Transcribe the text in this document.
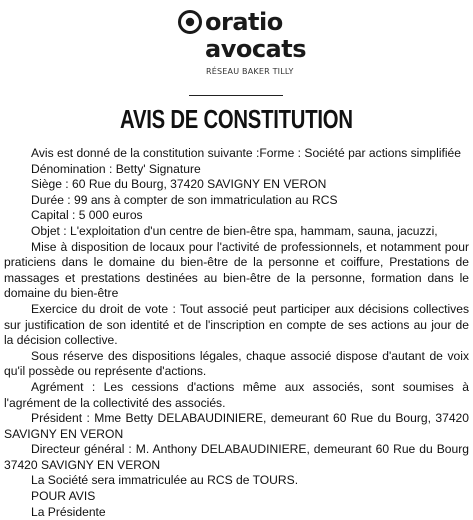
oratio
avocats
RÉSEAU BAKER TILLY
AVIS DE CONSTITUTION

Avis est donné de la constitution suivante :Forme : Société par actions simplifiée

Dénomination : Betty' Signature

Siège : 60 Rue du Bourg, 37420 SAVIGNY EN VERON

Durée : 99 ans à compter de son immatriculation au RCS

Capital : 5 000 euros

Objet : L'exploitation d'un centre de bien-être spa, hammam, sauna, jacuzzi,

Mise à disposition de locaux pour l'activité de professionnels, et notamment pour praticiens dans le domaine du bien-être de la personne et coiffure, Prestations de massages et prestations destinées au bien-être de la personne, formation dans le domaine du bien-être

Exercice du droit de vote : Tout associé peut participer aux décisions collectives sur justification de son identité et de l'inscription en compte de ses actions au jour de la décision collective.

Sous réserve des dispositions légales, chaque associé dispose d'autant de voix qu'il possède ou représente d'actions.

Agrément : Les cessions d'actions même aux associés, sont soumises à l'agrément de la collectivité des associés.

Président : Mme Betty DELABAUDINIERE, demeurant 60 Rue du Bourg, 37420 SAVIGNY EN VERON

Directeur général : M. Anthony DELABAUDINIERE, demeurant 60 Rue du Bourg 37420 SAVIGNY EN VERON

La Société sera immatriculée au RCS de TOURS.

POUR AVIS

La Présidente
